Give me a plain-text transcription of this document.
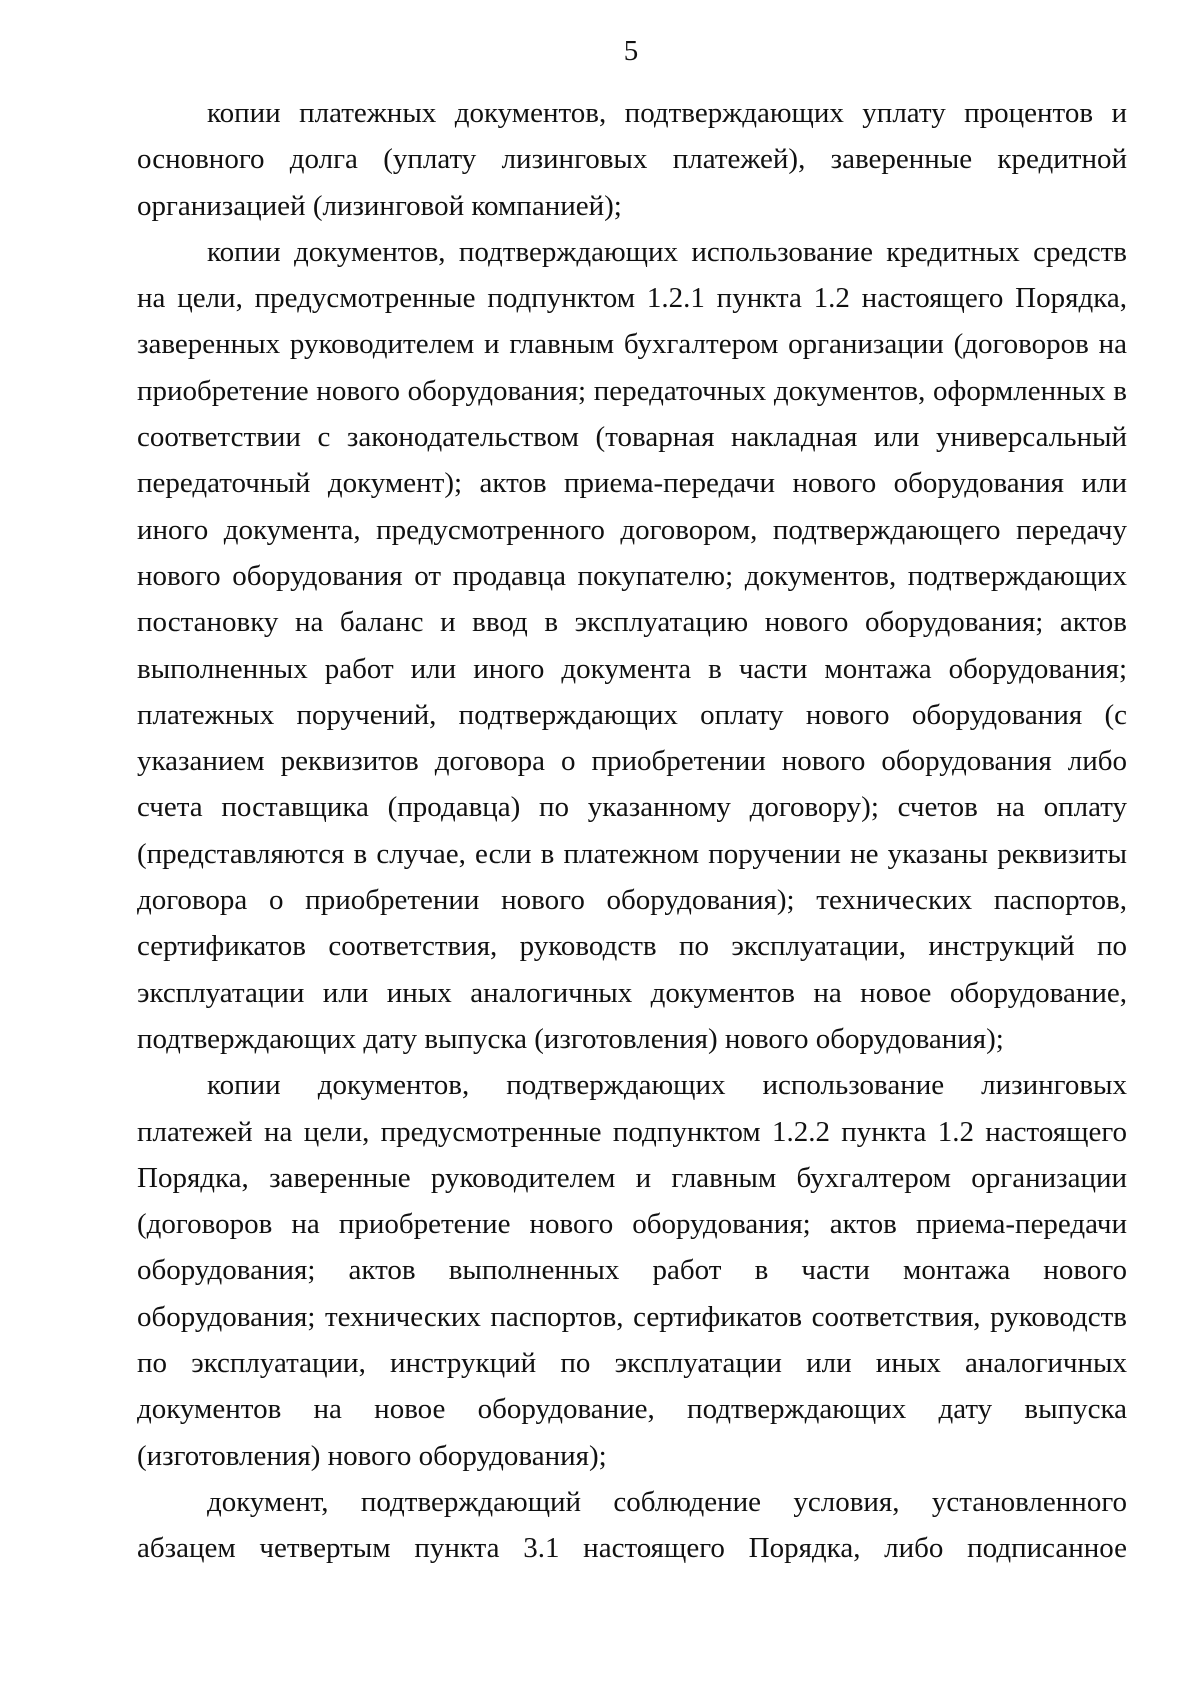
5

копии платежных документов, подтверждающих уплату процентов и основного долга (уплату лизинговых платежей), заверенные кредитной организацией (лизинговой компанией);

копии документов, подтверждающих использование кредитных средств на цели, предусмотренные подпунктом 1.2.1 пункта 1.2 настоящего Порядка, заверенных руководителем и главным бухгалтером организации (договоров на приобретение нового оборудования; передаточных документов, оформленных в соответствии с законодательством (товарная накладная или универсальный передаточный документ); актов приема-передачи нового оборудования или иного документа, предусмотренного договором, подтверждающего передачу нового оборудования от продавца покупателю; документов, подтверждающих постановку на баланс и ввод в эксплуатацию нового оборудования; актов выполненных работ или иного документа в части монтажа оборудования; платежных поручений, подтверждающих оплату нового оборудования (с указанием реквизитов договора о приобретении нового оборудования либо счета поставщика (продавца) по указанному договору); счетов на оплату (представляются в случае, если в платежном поручении не указаны реквизиты договора о приобретении нового оборудования); технических паспортов, сертификатов соответствия, руководств по эксплуатации, инструкций по эксплуатации или иных аналогичных документов на новое оборудование, подтверждающих дату выпуска (изготовления) нового оборудования);

копии документов, подтверждающих использование лизинговых платежей на цели, предусмотренные подпунктом 1.2.2 пункта 1.2 настоящего Порядка, заверенные руководителем и главным бухгалтером организации (договоров на приобретение нового оборудования; актов приема-передачи оборудования; актов выполненных работ в части монтажа нового оборудования; технических паспортов, сертификатов соответствия, руководств по эксплуатации, инструкций по эксплуатации или иных аналогичных документов на новое оборудование, подтверждающих дату выпуска (изготовления) нового оборудования);

документ, подтверждающий соблюдение условия, установленного абзацем четвертым пункта 3.1 настоящего Порядка, либо подписанное
